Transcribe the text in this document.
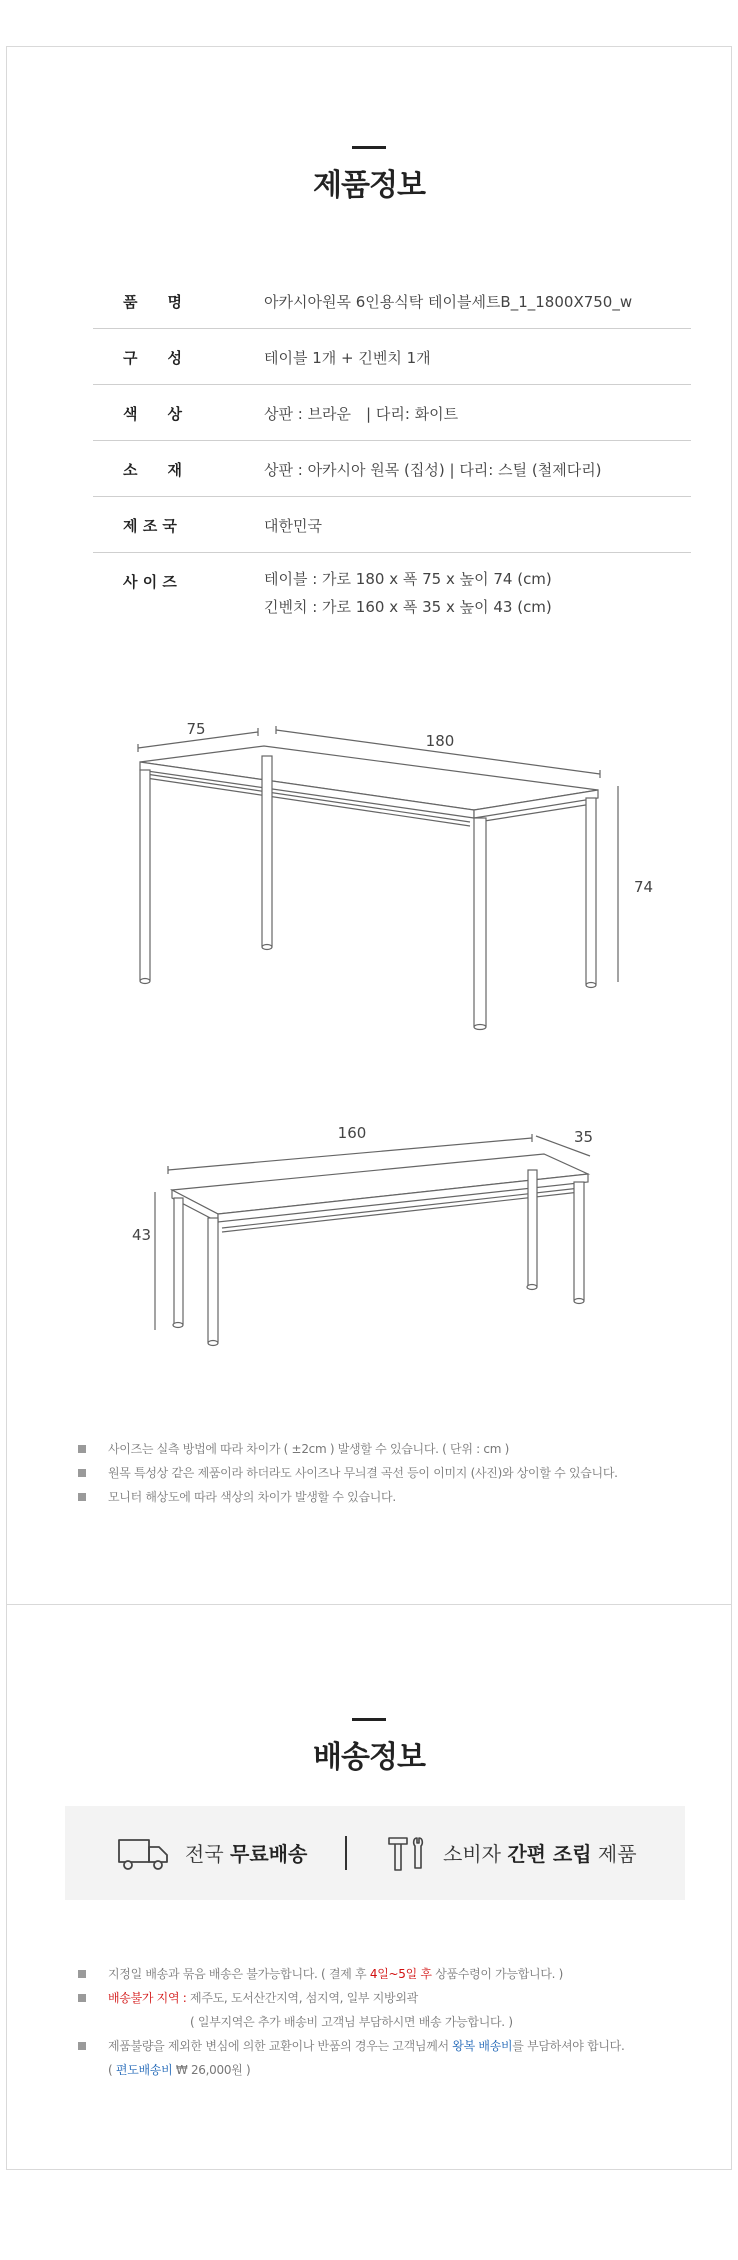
제품정보
품　　명	아카시아원목 6인용식탁 테이블세트B_1_1800X750_w
구　　성	테이블 1개 + 긴벤치 1개
색　　상	상판 : 브라운　| 다리: 화이트
소　　재	상판 : 아카시아 원목 (집성) | 다리: 스틸 (철제다리)
제 조 국	대한민국
사 이 즈	테이블 : 가로 180 x 폭 75 x 높이 74 (cm)
긴벤치 : 가로 160 x 폭 35 x 높이 43 (cm)
75
180
74
160	35
43
사이즈는 실측 방법에 따라 차이가 ( ±2cm ) 발생할 수 있습니다. ( 단위 : cm )
원목 특성상 같은 제품이라 하더라도 사이즈나 무늬결 곡선 등이 이미지 (사진)와 상이할 수 있습니다.
모니터 해상도에 따라 색상의 차이가 발생할 수 있습니다.
배송정보
전국 무료배송	소비자 간편 조립 제품
지정일 배송과 묶음 배송은 불가능합니다. ( 결제 후 4일~5일 후 상품수령이 가능합니다. )
배송불가 지역 : 제주도, 도서산간지역, 섬지역, 일부 지방외곽
( 일부지역은 추가 배송비 고객님 부담하시면 배송 가능합니다. )
제품불량을 제외한 변심에 의한 교환이나 반품의 경우는 고객님께서 왕복 배송비를 부담하셔야 합니다.
( 편도배송비 ₩ 26,000원 )
